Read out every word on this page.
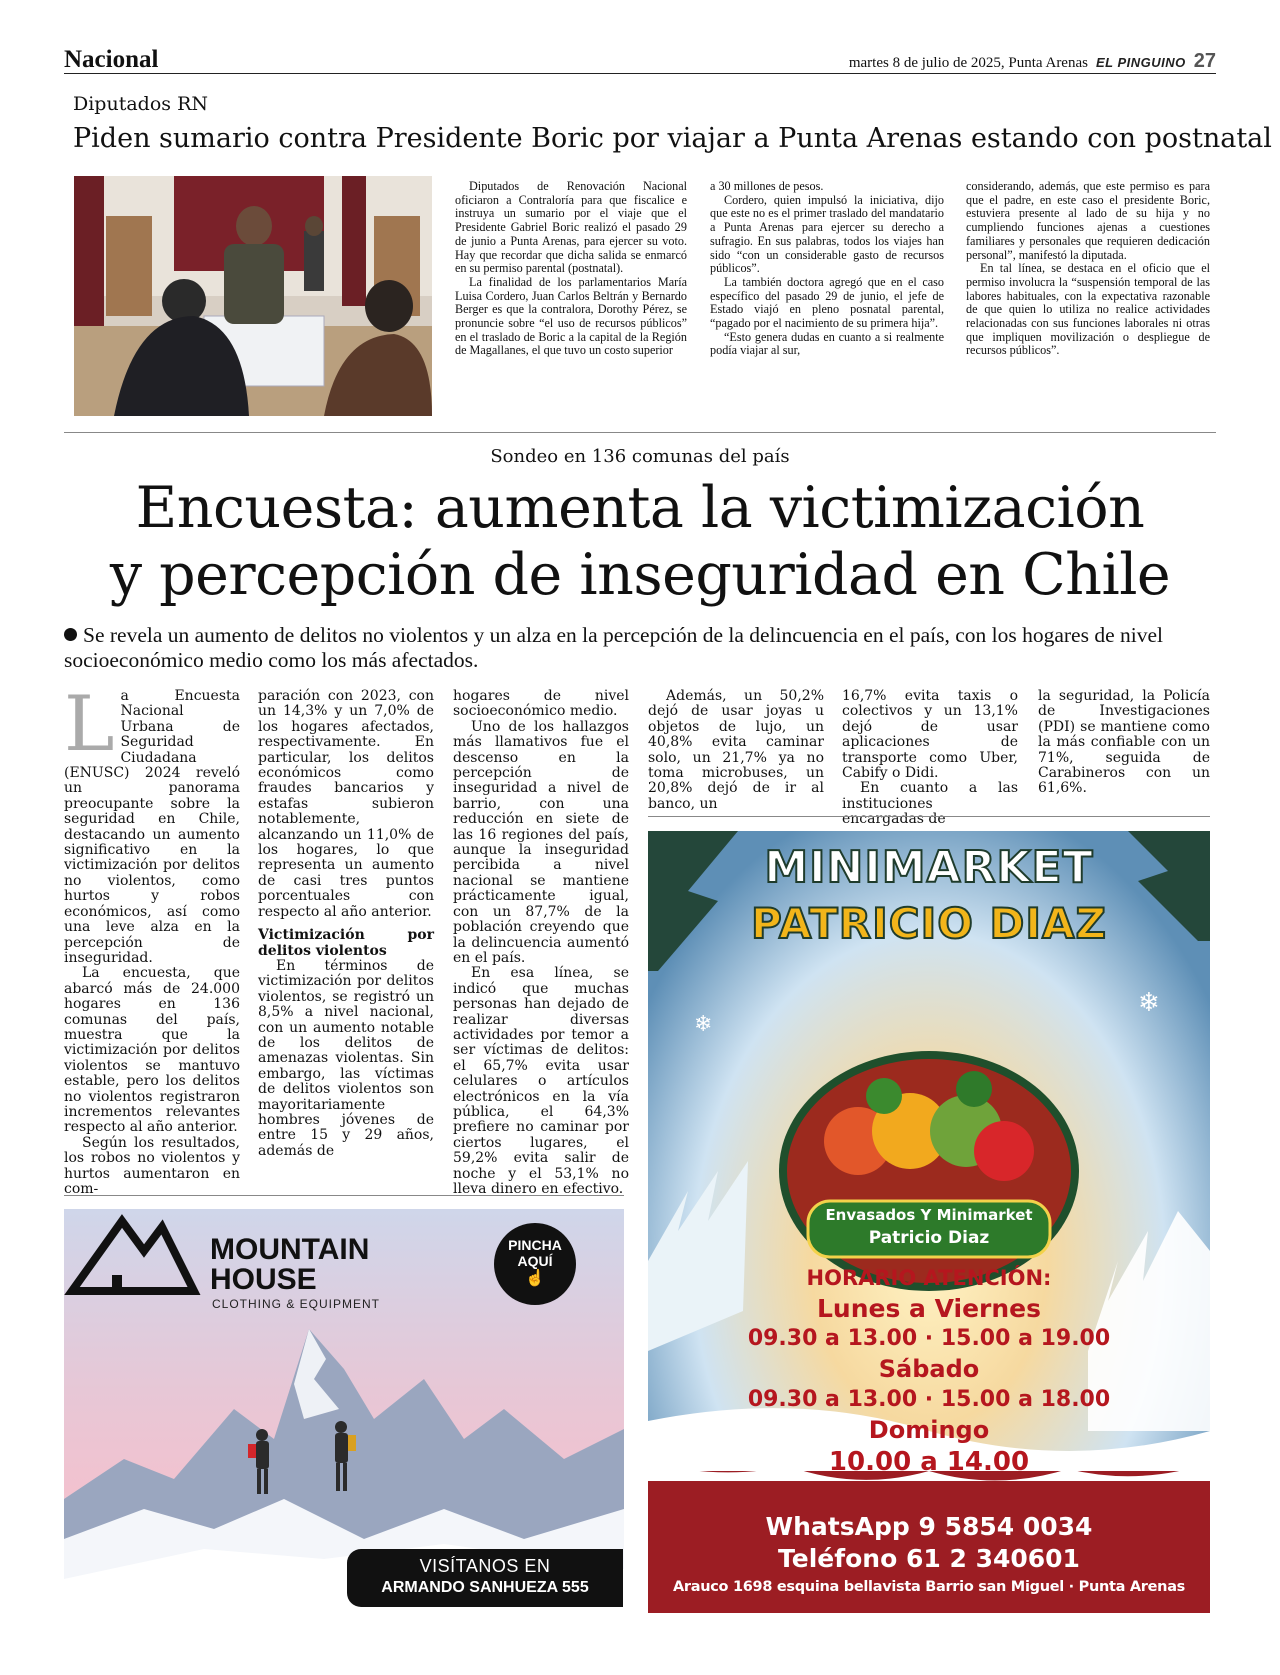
Nacional	martes 8 de julio de 2025, Punta Arenas EL PINGUINO 27
Diputados RN
Piden sumario contra Presidente Boric por viajar a Punta Arenas estando con postnatal

Diputados de Renovación Nacional oficiaron a Contraloría para que fiscalice e instruya un sumario por el viaje que el Presidente Gabriel Boric realizó el pasado 29 de junio a Punta Arenas, para ejercer su voto. Hay que recordar que dicha salida se enmarcó en su permiso parental (postnatal).

La finalidad de los parlamentarios María Luisa Cordero, Juan Carlos Beltrán y Bernardo Berger es que la contralora, Dorothy Pérez, se pronuncie sobre “el uso de recursos públicos” en el traslado de Boric a la capital de la Región de Magallanes, el que tuvo un costo superior

a 30 millones de pesos.

Cordero, quien impulsó la iniciativa, dijo que este no es el primer traslado del mandatario a Punta Arenas para ejercer su derecho a sufragio. En sus palabras, todos los viajes han sido “con un considerable gasto de recursos públicos”.

La también doctora agregó que en el caso específico del pasado 29 de junio, el jefe de Estado viajó en pleno posnatal parental, “pagado por el nacimiento de su primera hija”.

“Esto genera dudas en cuanto a si realmente podía viajar al sur,

considerando, además, que este permiso es para que el padre, en este caso el presidente Boric, estuviera presente al lado de su hija y no cumpliendo funciones ajenas a cuestiones familiares y personales que requieren dedicación personal”, manifestó la diputada.

En tal línea, se destaca en el oficio que el permiso involucra la “suspensión temporal de las labores habituales, con la expectativa razonable de que quien lo utiliza no realice actividades relacionadas con sus funciones laborales ni otras que impliquen movilización o despliegue de recursos públicos”.

Sondeo en 136 comunas del país
Encuesta: aumenta la victimización
y percepción de inseguridad en Chile
Se revela un aumento de delitos no violentos y un alza en la percepción de la delincuencia en el país, con los hogares de nivel socioeconómico medio como los más afectados.
L a Encuesta Nacional Urbana de Seguridad Ciudadana (ENUSC) 2024 reveló un panorama preocupante sobre la seguridad en Chile, destacando un aumento significativo en la victimización por delitos no violentos, como hurtos y robos económicos, así como una leve alza en la percepción de inseguridad.

La encuesta, que abarcó más de 24.000 hogares en 136 comunas del país, muestra que la victimización por delitos violentos se mantuvo estable, pero los delitos no violentos registraron incrementos relevantes respecto al año anterior.

Según los resultados, los robos no violentos y hurtos aumentaron en com-

paración con 2023, con un 14,3% y un 7,0% de los hogares afectados, respectivamente. En particular, los delitos económicos como fraudes bancarios y estafas subieron notablemente, alcanzando un 11,0% de los hogares, lo que representa un aumento de casi tres puntos porcentuales con respecto al año anterior.

Victimización por delitos violentos

En términos de victimización por delitos violentos, se registró un 8,5% a nivel nacional, con un aumento notable de los delitos de amenazas violentas. Sin embargo, las víctimas de delitos violentos son mayoritariamente hombres jóvenes de entre 15 y 29 años, además de

hogares de nivel socioeconómico medio.

Uno de los hallazgos más llamativos fue el descenso en la percepción de inseguridad a nivel de barrio, con una reducción en siete de las 16 regiones del país, aunque la inseguridad percibida a nivel nacional se mantiene prácticamente igual, con un 87,7% de la población creyendo que la delincuencia aumentó en el país.

En esa línea, se indicó que muchas personas han dejado de realizar diversas actividades por temor a ser víctimas de delitos: el 65,7% evita usar celulares o artículos electrónicos en la vía pública, el 64,3% prefiere no caminar por ciertos lugares, el 59,2% evita salir de noche y el 53,1% no lleva dinero en efectivo.

Además, un 50,2% dejó de usar joyas u objetos de lujo, un 40,8% evita caminar solo, un 21,7% ya no toma microbuses, un 20,8% dejó de ir al banco, un

16,7% evita taxis o colectivos y un 13,1% dejó de usar aplicaciones de transporte como Uber, Cabify o Didi.

En cuanto a las instituciones encargadas de

la seguridad, la Policía de Investigaciones (PDI) se mantiene como la más confiable con un 71%, seguida de Carabineros con un 61,6%.

MOUNTAIN
HOUSE
CLOTHING & EQUIPMENT
PINCHA
AQUÍ
☝
VISÍTANOS EN
ARMANDO SANHUEZA 555
❄
❄
MINIMARKET
PATRICIO DIAZ
Envasados Y Minimarket
Patricio Diaz
HORARIO ATENCIÓN:
Lunes a Viernes
09.30 a 13.00 · 15.00 a 19.00
Sábado
09.30 a 13.00 · 15.00 a 18.00
Domingo
10.00 a 14.00
WhatsApp 9 5854 0034
Teléfono 61 2 340601
Arauco 1698 esquina bellavista Barrio san Miguel · Punta Arenas
